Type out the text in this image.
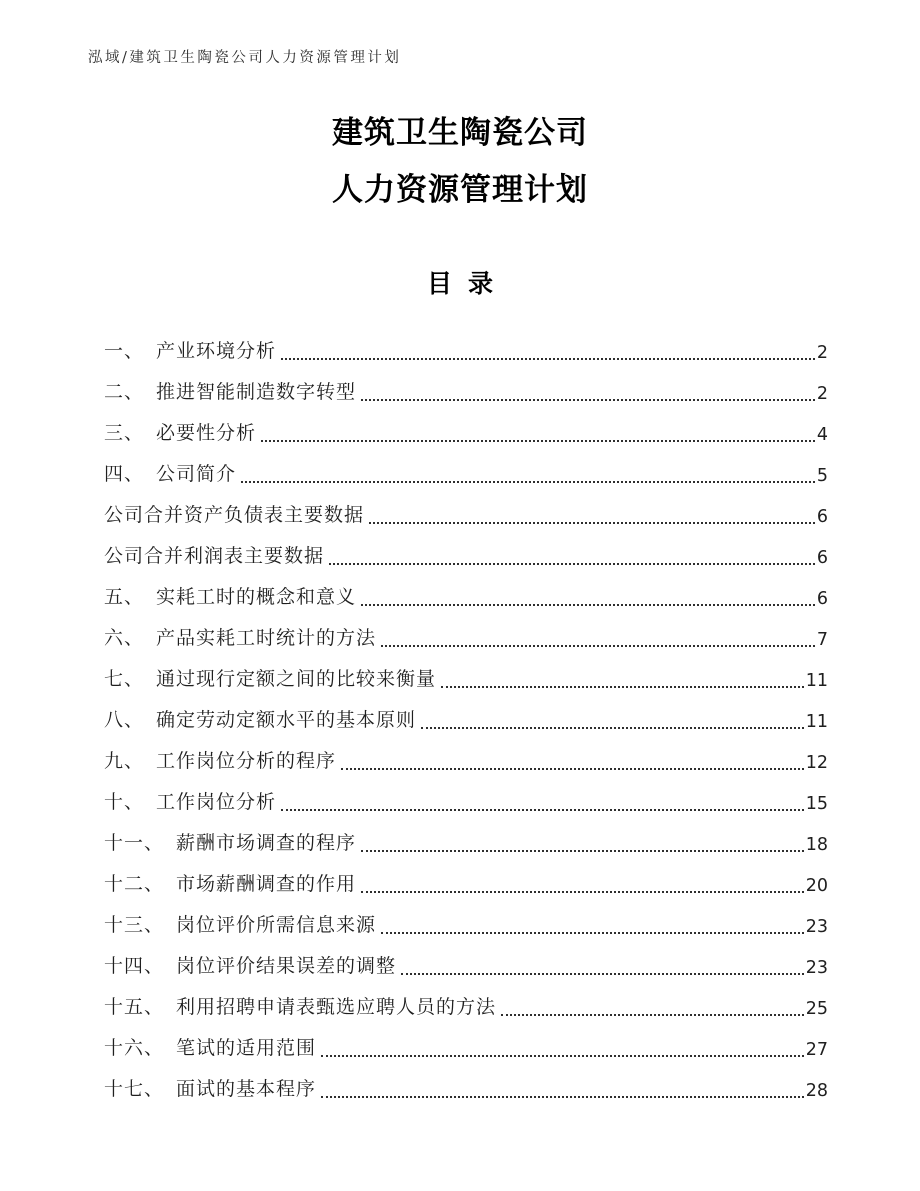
泓域/建筑卫生陶瓷公司人力资源管理计划
建筑卫生陶瓷公司
人力资源管理计划
目录
一、 产业环境分析	2
二、 推进智能制造数字转型	2
三、 必要性分析	4
四、 公司简介	5
公司合并资产负债表主要数据	6
公司合并利润表主要数据	6
五、 实耗工时的概念和意义	6
六、 产品实耗工时统计的方法	7
七、 通过现行定额之间的比较来衡量	11
八、 确定劳动定额水平的基本原则	11
九、 工作岗位分析的程序	12
十、 工作岗位分析	15
十一、 薪酬市场调查的程序	18
十二、 市场薪酬调查的作用	20
十三、 岗位评价所需信息来源	23
十四、 岗位评价结果误差的调整	23
十五、 利用招聘申请表甄选应聘人员的方法	25
十六、 笔试的适用范围	27
十七、 面试的基本程序	28
